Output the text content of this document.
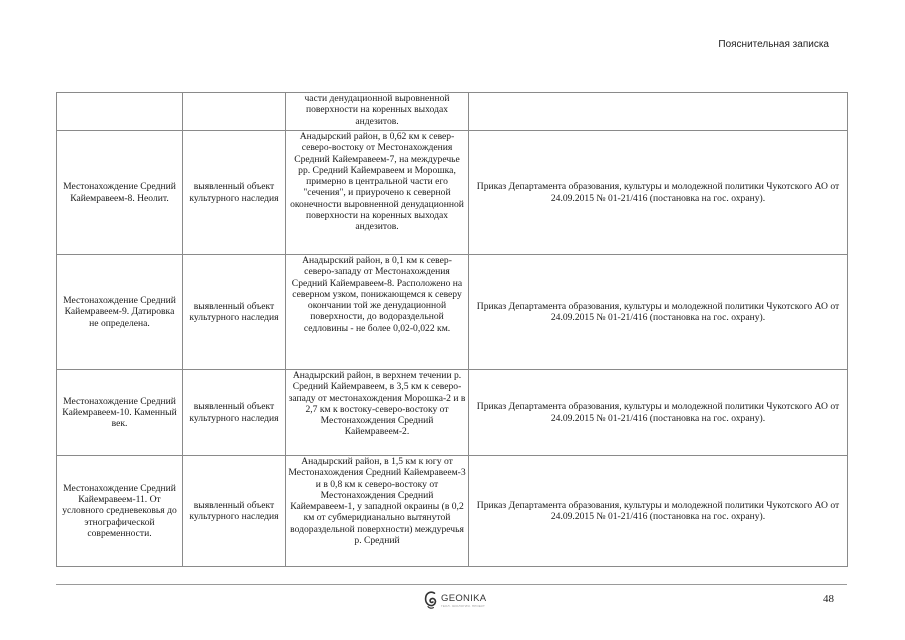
Пояснительная записка
		части денудационной выровненной поверхности на коренных выходах андезитов.	
Местонахождение Средний Кайемравеем-8. Неолит.	выявленный объект культурного наследия	Анадырский район, в 0,62 км к север-северо-востоку от Местонахождения Средний Кайемравеем-7, на междуречье рр. Средний Кайемравеем и Морошка, примерно в центральной части его "сечения", и приурочено к северной оконечности выровненной денудационной поверхности на коренных выходах андезитов.	Приказ Департамента образования, культуры и молодежной политики Чукотского АО от 24.09.2015 № 01-21/416 (постановка на гос. охрану).
Местонахождение Средний Кайемравеем-9. Датировка не определена.	выявленный объект культурного наследия	Анадырский район, в 0,1 км к север-северо-западу от Местонахождения Средний Кайемравеем-8. Расположено на северном узком, понижающемся к северу окончании той же денудационной поверхности, до водораздельной седловины - не более 0,02-0,022 км.	Приказ Департамента образования, культуры и молодежной политики Чукотского АО от 24.09.2015 № 01-21/416 (постановка на гос. охрану).
Местонахождение Средний Кайемравеем-10. Каменный век.	выявленный объект культурного наследия	Анадырский район, в верхнем течении р. Средний Кайемравеем, в 3,5 км к северо-западу от местонахождения Морошка-2 и в 2,7 км к востоку-северо-востоку от Местонахождения Средний Кайемравеем-2.	Приказ Департамента образования, культуры и молодежной политики Чукотского АО от 24.09.2015 № 01-21/416 (постановка на гос. охрану).
Местонахождение Средний Кайемравеем-11. От условного средневековья до этнографической современности.	выявленный объект культурного наследия	Анадырский район, в 1,5 км к югу от Местонахождения Средний Кайемравеем-3 и в 0,8 км к северо-востоку от Местонахождения Средний Кайемравеем-1, у западной окраины (в 0,2 км от субмеридианально вытянутой водораздельной поверхности) междуречья р. Средний	Приказ Департамента образования, культуры и молодежной политики Чукотского АО от 24.09.2015 № 01-21/416 (постановка на гос. охрану).
GEONIKA
ГЕОЛ. ЭКОЛОГИЯ. ПРОЕКТ
48
